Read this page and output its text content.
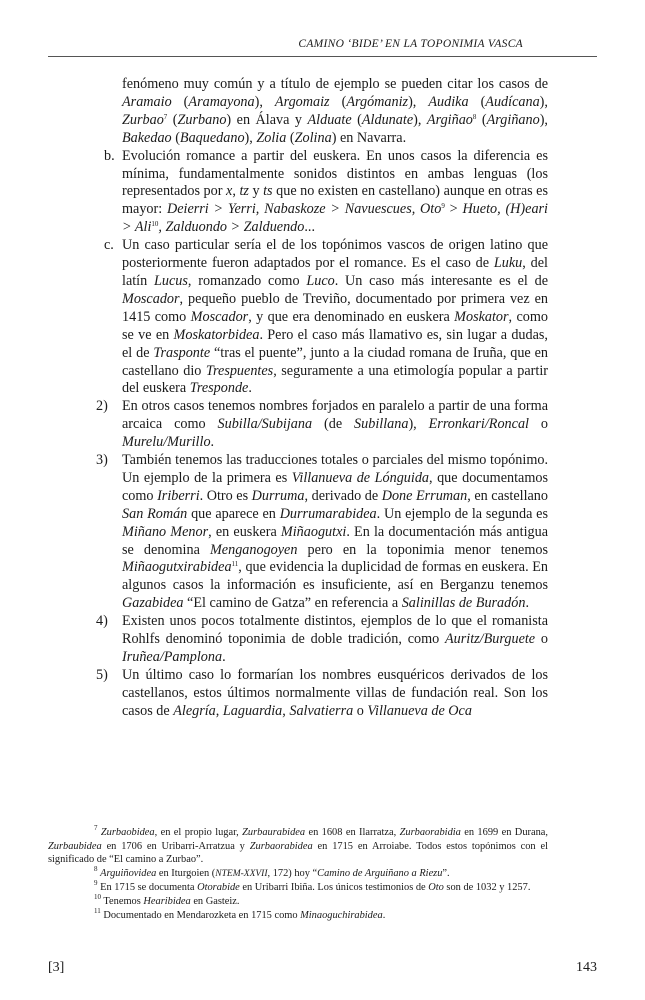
CAMINO ‘BIDE’ EN LA TOPONIMIA VASCA

fenómeno muy común y a título de ejemplo se pueden citar los casos de Aramaio (Aramayona), Argomaiz (Argómaniz), Audika (Audícana), Zurbao$^7$ (Zurbano) en Álava y Alduate (Aldunate), Argiñao$^8$ (Argiñano), Bakedao (Baquedano), Zolia (Zolina) en Navarra.

b. Evolución romance a partir del euskera. En unos casos la diferencia es mínima, fundamentalmente sonidos distintos en ambas lenguas (los representados por x, tz y ts que no existen en castellano) aunque en otras es mayor: Deierri > Yerri, Nabaskoze > Navuescues, Oto$^9$ > Hueto, (H)eari > Ali$^{10}$, Zalduondo > Zalduendo...

c. Un caso particular sería el de los topónimos vascos de origen latino que posteriormente fueron adaptados por el romance. Es el caso de Luku, del latín Lucus, romanzado como Luco. Un caso más interesante es el de Moscador, pequeño pueblo de Treviño, documentado por primera vez en 1415 como Moscador, y que era denominado en euskera Moskator, como se ve en Moskatorbidea. Pero el caso más llamativo es, sin lugar a dudas, el de Trasponte “tras el puente”, junto a la ciudad romana de Iruña, que en castellano dio Trespuentes, seguramente a una etimología popular a partir del euskera Tresponde.

2) En otros casos tenemos nombres forjados en paralelo a partir de una forma arcaica como Subilla/Subijana (de Subillana), Erronkari/Roncal o Murelu/Murillo.

3) También tenemos las traducciones totales o parciales del mismo topónimo. Un ejemplo de la primera es Villanueva de Lónguida, que documentamos como Iriberri. Otro es Durruma, derivado de Done Erruman, en castellano San Román que aparece en Durrumarabidea. Un ejemplo de la segunda es Miñano Menor, en euskera Miñaogutxi. En la documentación más antigua se denomina Menganogoyen pero en la toponimia menor tenemos Miñaogutxirabidea$^{11}$, que evidencia la duplicidad de formas en euskera. En algunos casos la información es insuficiente, así en Berganzu tenemos Gazabidea “El camino de Gatza” en referencia a Salinillas de Buradón.

4) Existen unos pocos totalmente distintos, ejemplos de lo que el romanista Rohlfs denominó toponimia de doble tradición, como Auritz/Burguete o Iruñea/Pamplona.

5) Un último caso lo formarían los nombres eusquéricos derivados de los castellanos, estos últimos normalmente villas de fundación real. Son los casos de Alegría, Laguardia, Salvatierra o Villanueva de Oca

$^7$ Zurbaobidea, en el propio lugar, Zurbaurabidea en 1608 en Ilarratza, Zurbaorabidia en 1699 en Durana, Zurbaubidea en 1706 en Uribarri-Arratzua y Zurbaorabidea en 1715 en Arroiabe. Todos estos topónimos con el significado de “El camino a Zurbao”.

$^8$ Arguiñovidea en Iturgoien (NTEM-XXVII, 172) hoy “Camino de Arguiñano a Riezu”.

$^9$ En 1715 se documenta Otorabide en Uribarri Ibiña. Los únicos testimonios de Oto son de 1032 y 1257.

$^{10}$ Tenemos Hearibidea en Gasteiz.

$^{11}$ Documentado en Mendarozketa en 1715 como Minaoguchirabidea.

[3]	143
